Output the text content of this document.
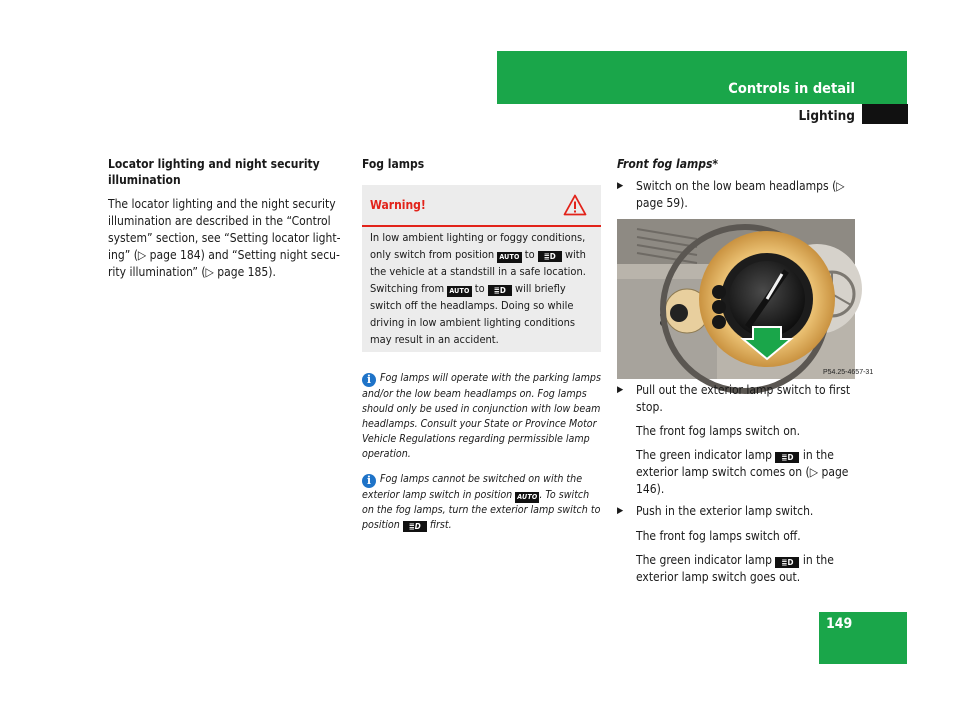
Controls in detail
Lighting

Locator lighting and night security illumination

The locator lighting and the night security illumination are described in the “Control system” section, see “Setting locator light-ing” (▷ page 184) and “Setting night secu-rity illumination” (▷ page 185).

Fog lamps
Warning!
In low ambient lighting or foggy conditions, only switch from position AUTO to ≣D with the vehicle at a standstill in a safe location. Switching from AUTO to ≣D will briefly switch off the headlamps. Doing so while driving in low ambient lighting conditions may result in an accident.
i Fog lamps will operate with the parking lamps and/or the low beam headlamps on. Fog lamps should only be used in conjunction with low beam headlamps. Consult your State or Province Motor Vehicle Regulations regarding permissible lamp operation.
i Fog lamps cannot be switched on with the exterior lamp switch in position AUTO . To switch on the fog lamps, turn the exterior lamp switch to position ≣D first.
Front fog lamps*
▶ Switch on the low beam headlamps (▷ page 59).
P54.25-4657-31
▶ Pull out the exterior lamp switch to first stop.
The front fog lamps switch on.
The green indicator lamp ≣D in the exterior lamp switch comes on (▷ page 146).
▶ Push in the exterior lamp switch.
The front fog lamps switch off.
The green indicator lamp ≣D in the exterior lamp switch goes out.
149
